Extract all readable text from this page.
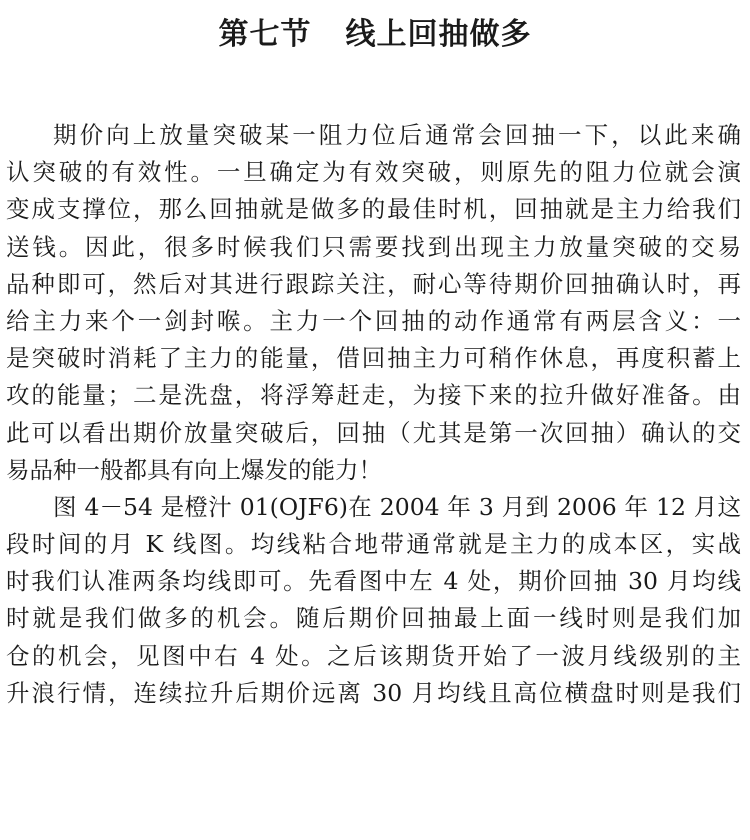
第七节 线上回抽做多
期价向上放量突破某一阻力位后通常会回抽一下，以此来确
认突破的有效性。一旦确定为有效突破，则原先的阻力位就会演
变成支撑位，那么回抽就是做多的最佳时机，回抽就是主力给我们
送钱。因此，很多时候我们只需要找到出现主力放量突破的交易
品种即可，然后对其进行跟踪关注，耐心等待期价回抽确认时，再
给主力来个一剑封喉。主力一个回抽的动作通常有两层含义：一
是突破时消耗了主力的能量，借回抽主力可稍作休息，再度积蓄上
攻的能量；二是洗盘，将浮筹赶走，为接下来的拉升做好准备。由
此可以看出期价放量突破后，回抽（尤其是第一次回抽）确认的交
易品种一般都具有向上爆发的能力！
图 4－54 是橙汁 01(OJF6)在 2004 年 3 月到 2006 年 12 月这
段时间的月 K 线图。均线粘合地带通常就是主力的成本区，实战
时我们认准两条均线即可。先看图中左 4 处，期价回抽 30 月均线
时就是我们做多的机会。随后期价回抽最上面一线时则是我们加
仓的机会，见图中右 4 处。之后该期货开始了一波月线级别的主
升浪行情，连续拉升后期价远离 30 月均线且高位横盘时则是我们
